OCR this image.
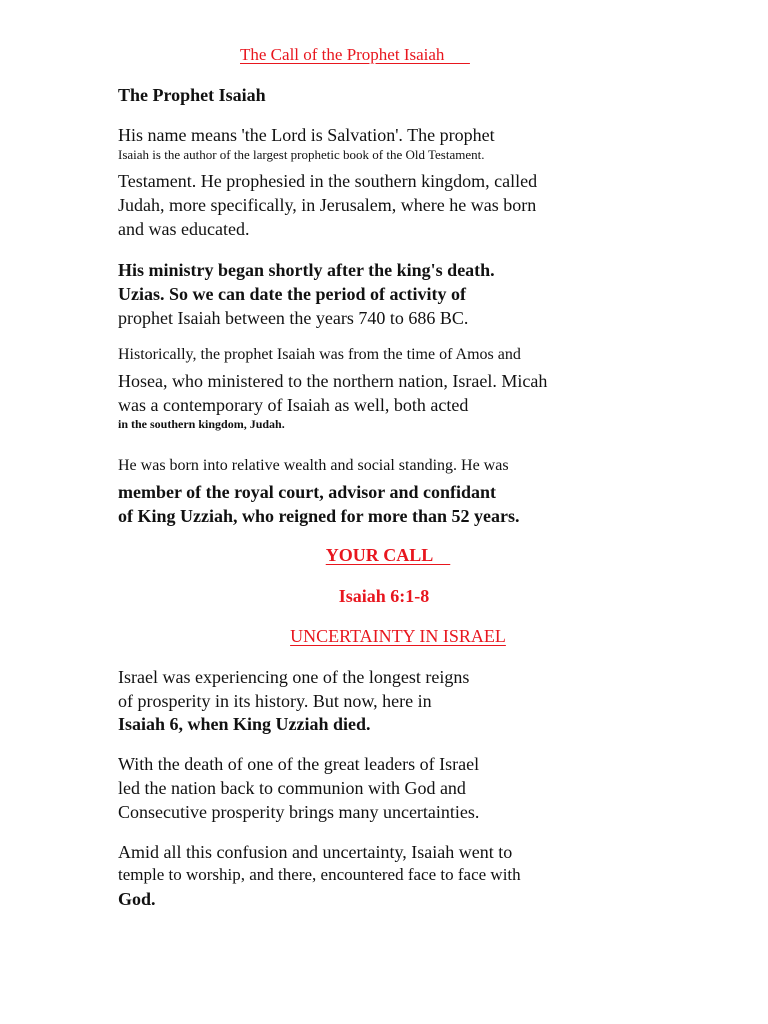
The Call of the Prophet Isaiah
The Prophet Isaiah
His name means 'the Lord is Salvation'. The prophet
Isaiah is the author of the largest prophetic book of the Old Testament.
Testament. He prophesied in the southern kingdom, called
Judah, more specifically, in Jerusalem, where he was born
and was educated.
His ministry began shortly after the king's death.
Uzias. So we can date the period of activity of
prophet Isaiah between the years 740 to 686 BC.
Historically, the prophet Isaiah was from the time of Amos and
Hosea, who ministered to the northern nation, Israel. Micah
was a contemporary of Isaiah as well, both acted
in the southern kingdom, Judah.
He was born into relative wealth and social standing. He was
member of the royal court, advisor and confidant
of King Uzziah, who reigned for more than 52 years.
YOUR CALL
Isaiah 6:1-8
UNCERTAINTY IN ISRAEL
Israel was experiencing one of the longest reigns
of prosperity in its history. But now, here in
Isaiah 6, when King Uzziah died.
With the death of one of the great leaders of Israel
led the nation back to communion with God and
Consecutive prosperity brings many uncertainties.
Amid all this confusion and uncertainty, Isaiah went to
temple to worship, and there, encountered face to face with
God.
